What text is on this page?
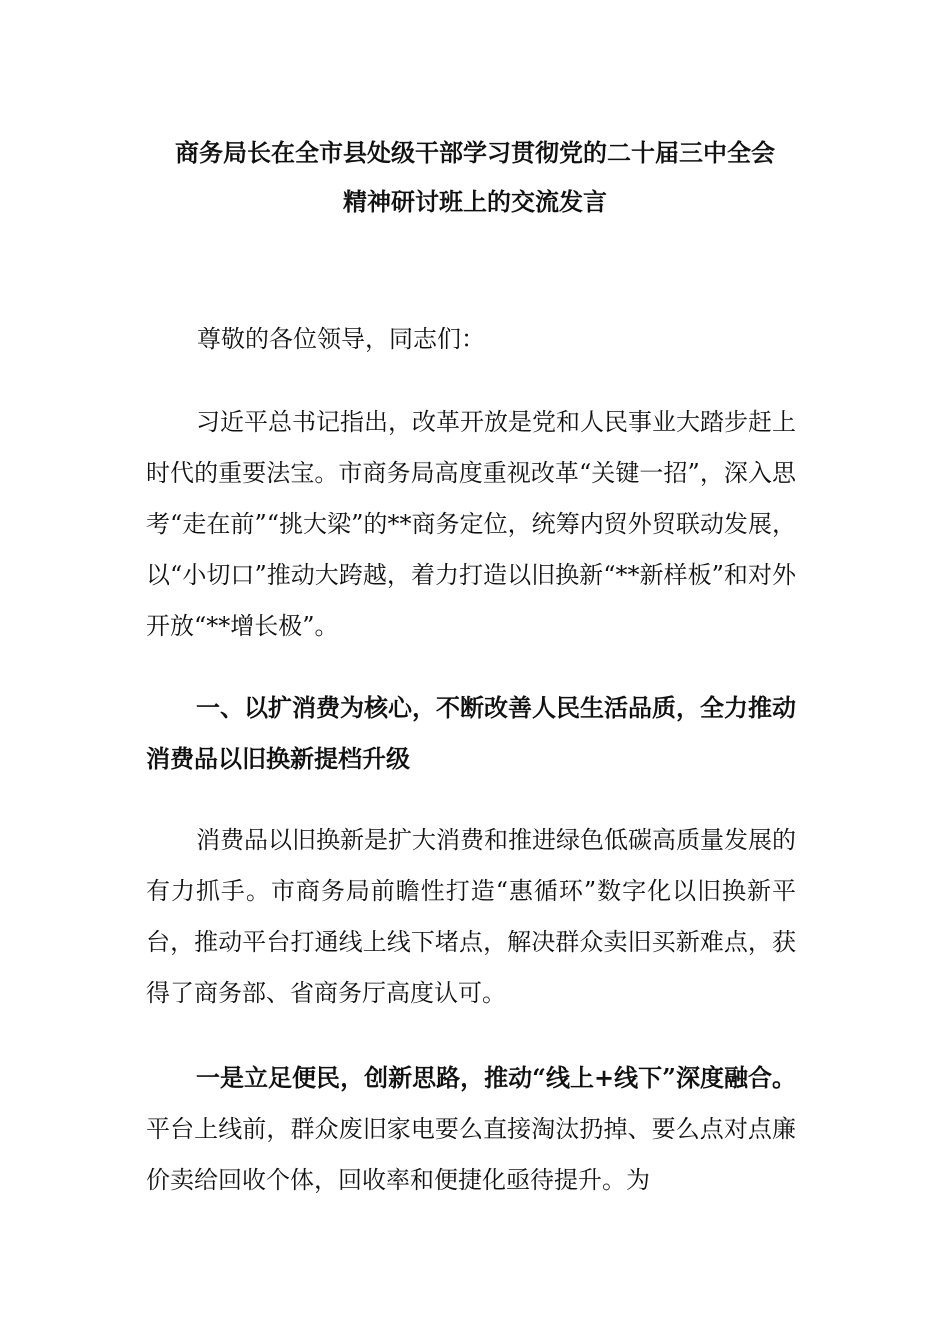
商务局长在全市县处级干部学习贯彻党的二十届三中全会
精神研讨班上的交流发言

尊敬的各位领导，同志们：

习近平总书记指出，改革开放是党和人民事业大踏步赶上时代的重要法宝。市商务局高度重视改革“关键一招”，深入思考“走在前”“挑大梁”的**商务定位，统筹内贸外贸联动发展，以“小切口”推动大跨越，着力打造以旧换新“**新样板”和对外开放“**增长极”。

一、以扩消费为核心，不断改善人民生活品质，全力推动消费品以旧换新提档升级

消费品以旧换新是扩大消费和推进绿色低碳高质量发展的有力抓手。市商务局前瞻性打造“惠循环”数字化以旧换新平台，推动平台打通线上线下堵点，解决群众卖旧买新难点，获得了商务部、省商务厅高度认可。

一是立足便民，创新思路，推动“线上+线下”深度融合。平台上线前，群众废旧家电要么直接淘汰扔掉、要么点对点廉价卖给回收个体，回收率和便捷化亟待提升。为
